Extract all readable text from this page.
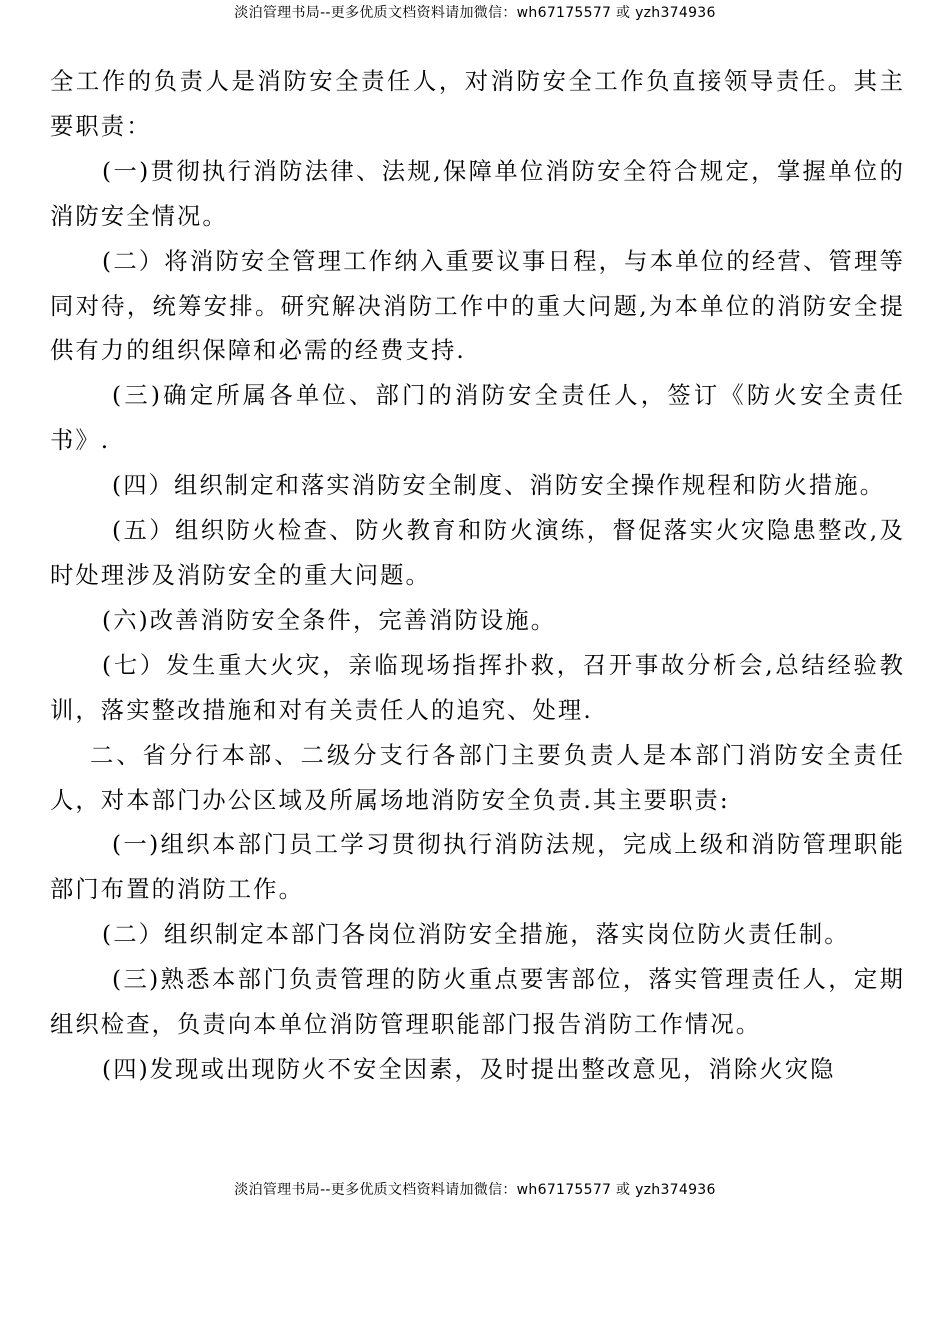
淡泊管理书局--更多优质文档资料请加微信：wh67175577 或 yzh374936

全工作的负责人是消防安全责任人，对消防安全工作负直接领导责任。其主要职责：

(一)贯彻执行消防法律、法规,保障单位消防安全符合规定，掌握单位的消防安全情况。

(二）将消防安全管理工作纳入重要议事日程，与本单位的经营、管理等同对待，统筹安排。研究解决消防工作中的重大问题,为本单位的消防安全提供有力的组织保障和必需的经费支持.

(三)确定所属各单位、部门的消防安全责任人，签订《防火安全责任书》.

(四）组织制定和落实消防安全制度、消防安全操作规程和防火措施。

(五）组织防火检查、防火教育和防火演练，督促落实火灾隐患整改,及时处理涉及消防安全的重大问题。

(六)改善消防安全条件，完善消防设施。

(七）发生重大火灾，亲临现场指挥扑救，召开事故分析会,总结经验教训，落实整改措施和对有关责任人的追究、处理.

二、省分行本部、二级分支行各部门主要负责人是本部门消防安全责任人，对本部门办公区域及所属场地消防安全负责.其主要职责:

(一)组织本部门员工学习贯彻执行消防法规，完成上级和消防管理职能部门布置的消防工作。

(二）组织制定本部门各岗位消防安全措施，落实岗位防火责任制。

(三)熟悉本部门负责管理的防火重点要害部位，落实管理责任人，定期组织检查，负责向本单位消防管理职能部门报告消防工作情况。

(四)发现或出现防火不安全因素，及时提出整改意见，消除火灾隐

淡泊管理书局--更多优质文档资料请加微信：wh67175577 或 yzh374936
